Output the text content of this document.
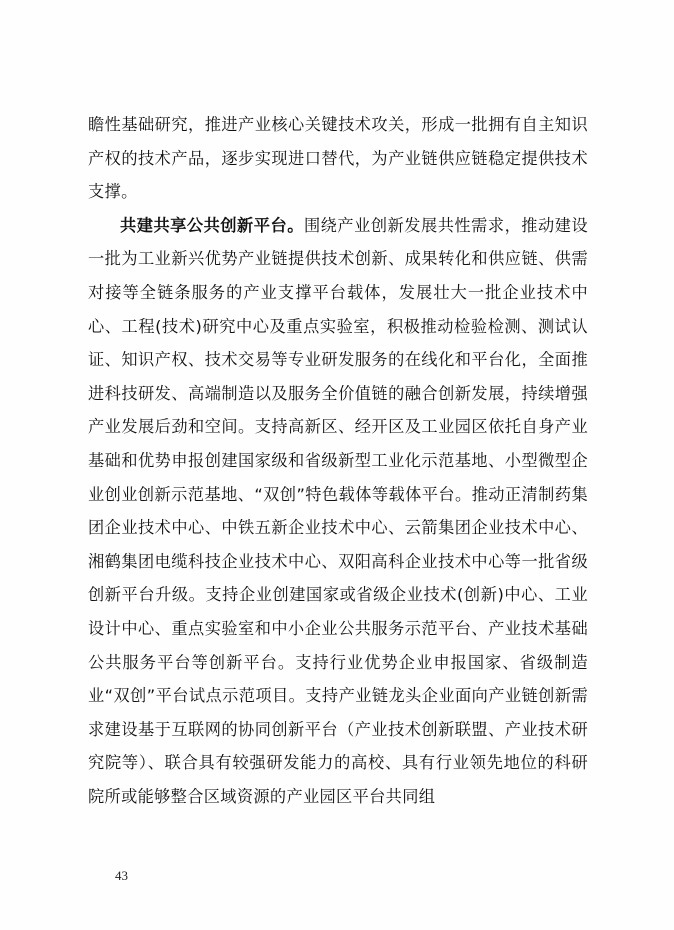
瞻性基础研究，推进产业核心关键技术攻关，形成一批拥有自主知识产权的技术产品，逐步实现进口替代，为产业链供应链稳定提供技术支撑。

共建共享公共创新平台。围绕产业创新发展共性需求，推动建设一批为工业新兴优势产业链提供技术创新、成果转化和供应链、供需对接等全链条服务的产业支撑平台载体，发展壮大一批企业技术中心、工程(技术)研究中心及重点实验室，积极推动检验检测、测试认证、知识产权、技术交易等专业研发服务的在线化和平台化，全面推进科技研发、高端制造以及服务全价值链的融合创新发展，持续增强产业发展后劲和空间。支持高新区、经开区及工业园区依托自身产业基础和优势申报创建国家级和省级新型工业化示范基地、小型微型企业创业创新示范基地、“双创”特色载体等载体平台。推动正清制药集团企业技术中心、中铁五新企业技术中心、云箭集团企业技术中心、湘鹤集团电缆科技企业技术中心、双阳高科企业技术中心等一批省级创新平台升级。支持企业创建国家或省级企业技术(创新)中心、工业设计中心、重点实验室和中小企业公共服务示范平台、产业技术基础公共服务平台等创新平台。支持行业优势企业申报国家、省级制造业“双创”平台试点示范项目。支持产业链龙头企业面向产业链创新需求建设基于互联网的协同创新平台（产业技术创新联盟、产业技术研究院等）、联合具有较强研发能力的高校、具有行业领先地位的科研院所或能够整合区域资源的产业园区平台共同组

43
